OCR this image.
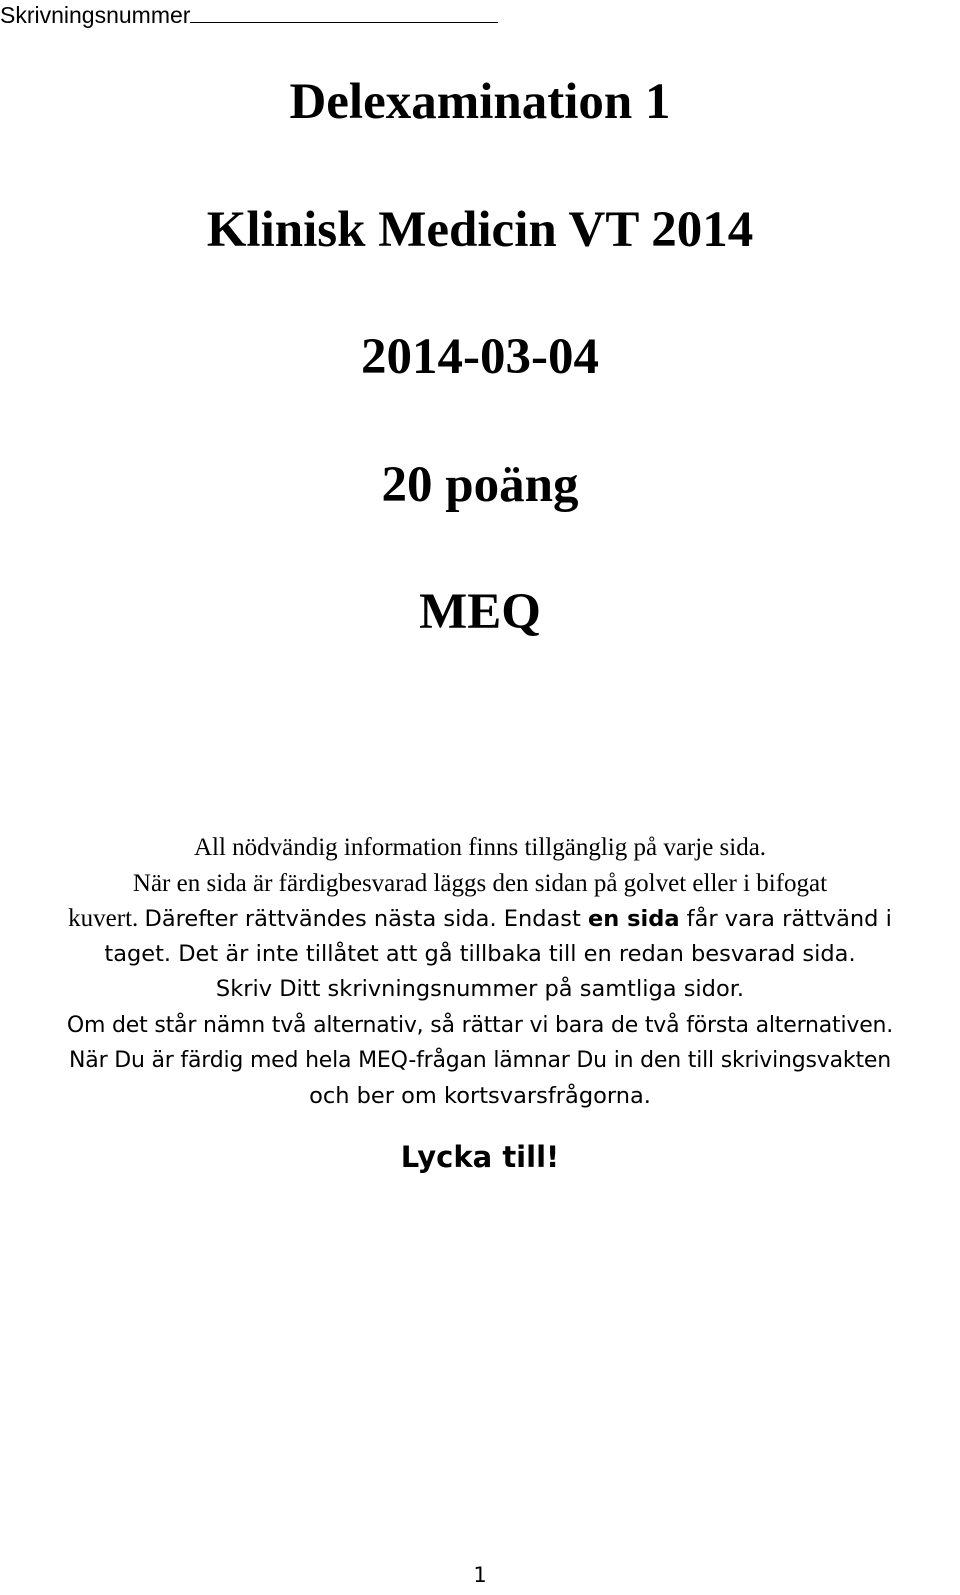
Skrivningsnummer
Delexamination 1
Klinisk Medicin VT 2014
2014-03-04
20 poäng
MEQ
All nödvändig information finns tillgänglig på varje sida.
När en sida är färdigbesvarad läggs den sidan på golvet eller i bifogat
kuvert. Därefter rättvändes nästa sida. Endast en sida får vara rättvänd i
taget. Det är inte tillåtet att gå tillbaka till en redan besvarad sida.
Skriv Ditt skrivningsnummer på samtliga sidor.
Om det står nämn två alternativ, så rättar vi bara de två första alternativen.
När Du är färdig med hela MEQ-frågan lämnar Du in den till skrivingsvakten
och ber om kortsvarsfrågorna.
Lycka till!
1
